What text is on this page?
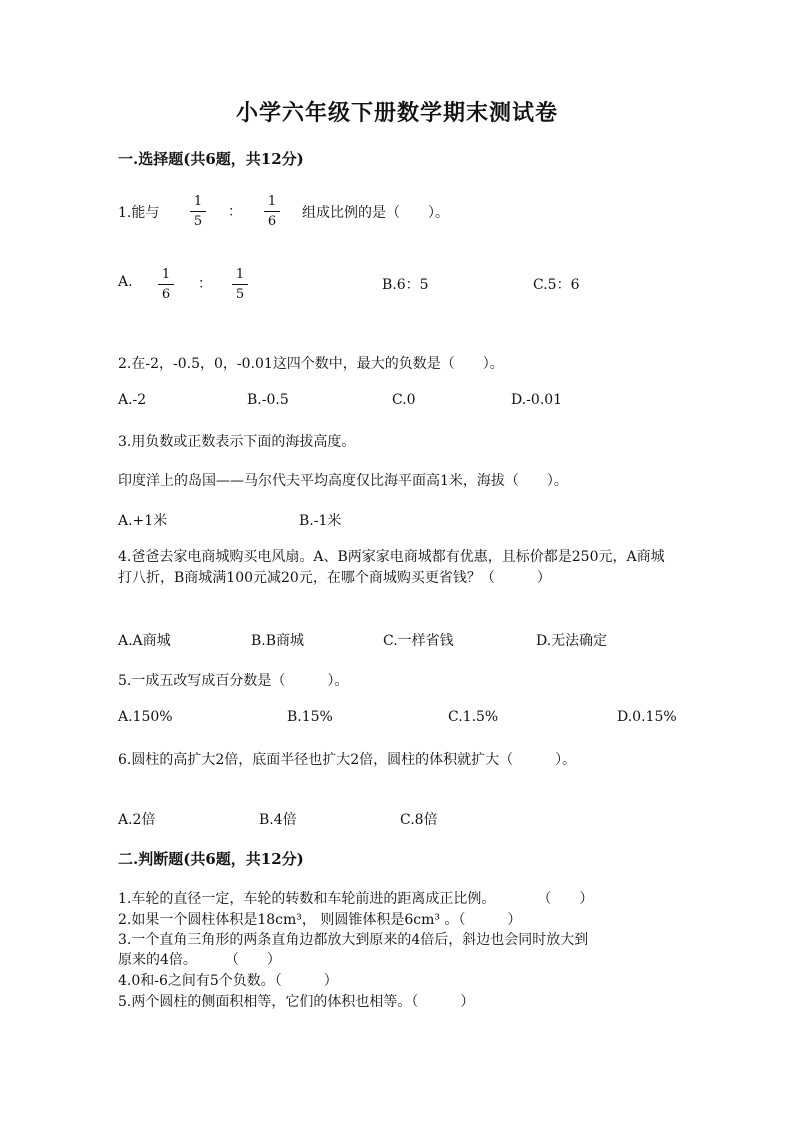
小学六年级下册数学期末测试卷
一.选择题(共6题，共12分)
1.能与
1
5
：
1
6
组成比例的是（　　）。
A. 1
6
：
1
5
B.6：5	C.5：6
2.在-2，-0.5，0，-0.01这四个数中，最大的负数是（　　）。
A.-2	B.-0.5	C.0	D.-0.01
3.用负数或正数表示下面的海拔高度。
印度洋上的岛国——马尔代夫平均高度仅比海平面高1米，海拔（　　）。
A.+1米	B.-1米
4.爸爸去家电商城购买电风扇。A、B两家家电商城都有优惠，且标价都是250元，A商城打八折，B商城满100元减20元，在哪个商城购买更省钱？（　　　）
A.A商城	B.B商城	C.一样省钱	D.无法确定
5.一成五改写成百分数是（　　　）。
A.150%	B.15%	C.1.5%	D.0.15%
6.圆柱的高扩大2倍，底面半径也扩大2倍，圆柱的体积就扩大（　　　）。
A.2倍	B.4倍	C.8倍
二.判断题(共6题，共12分)
1.车轮的直径一定，车轮的转数和车轮前进的距离成正比例。　　　　（　　）
2.如果一个圆柱体积是18cm³， 则圆锥体积是6cm³ 。（　　　）
3.一个直角三角形的两条直角边都放大到原来的4倍后，斜边也会同时放大到
原来的4倍。　　　（　　）
4.0和-6之间有5个负数。（　　　）
5.两个圆柱的侧面积相等，它们的体积也相等。（　　　）
